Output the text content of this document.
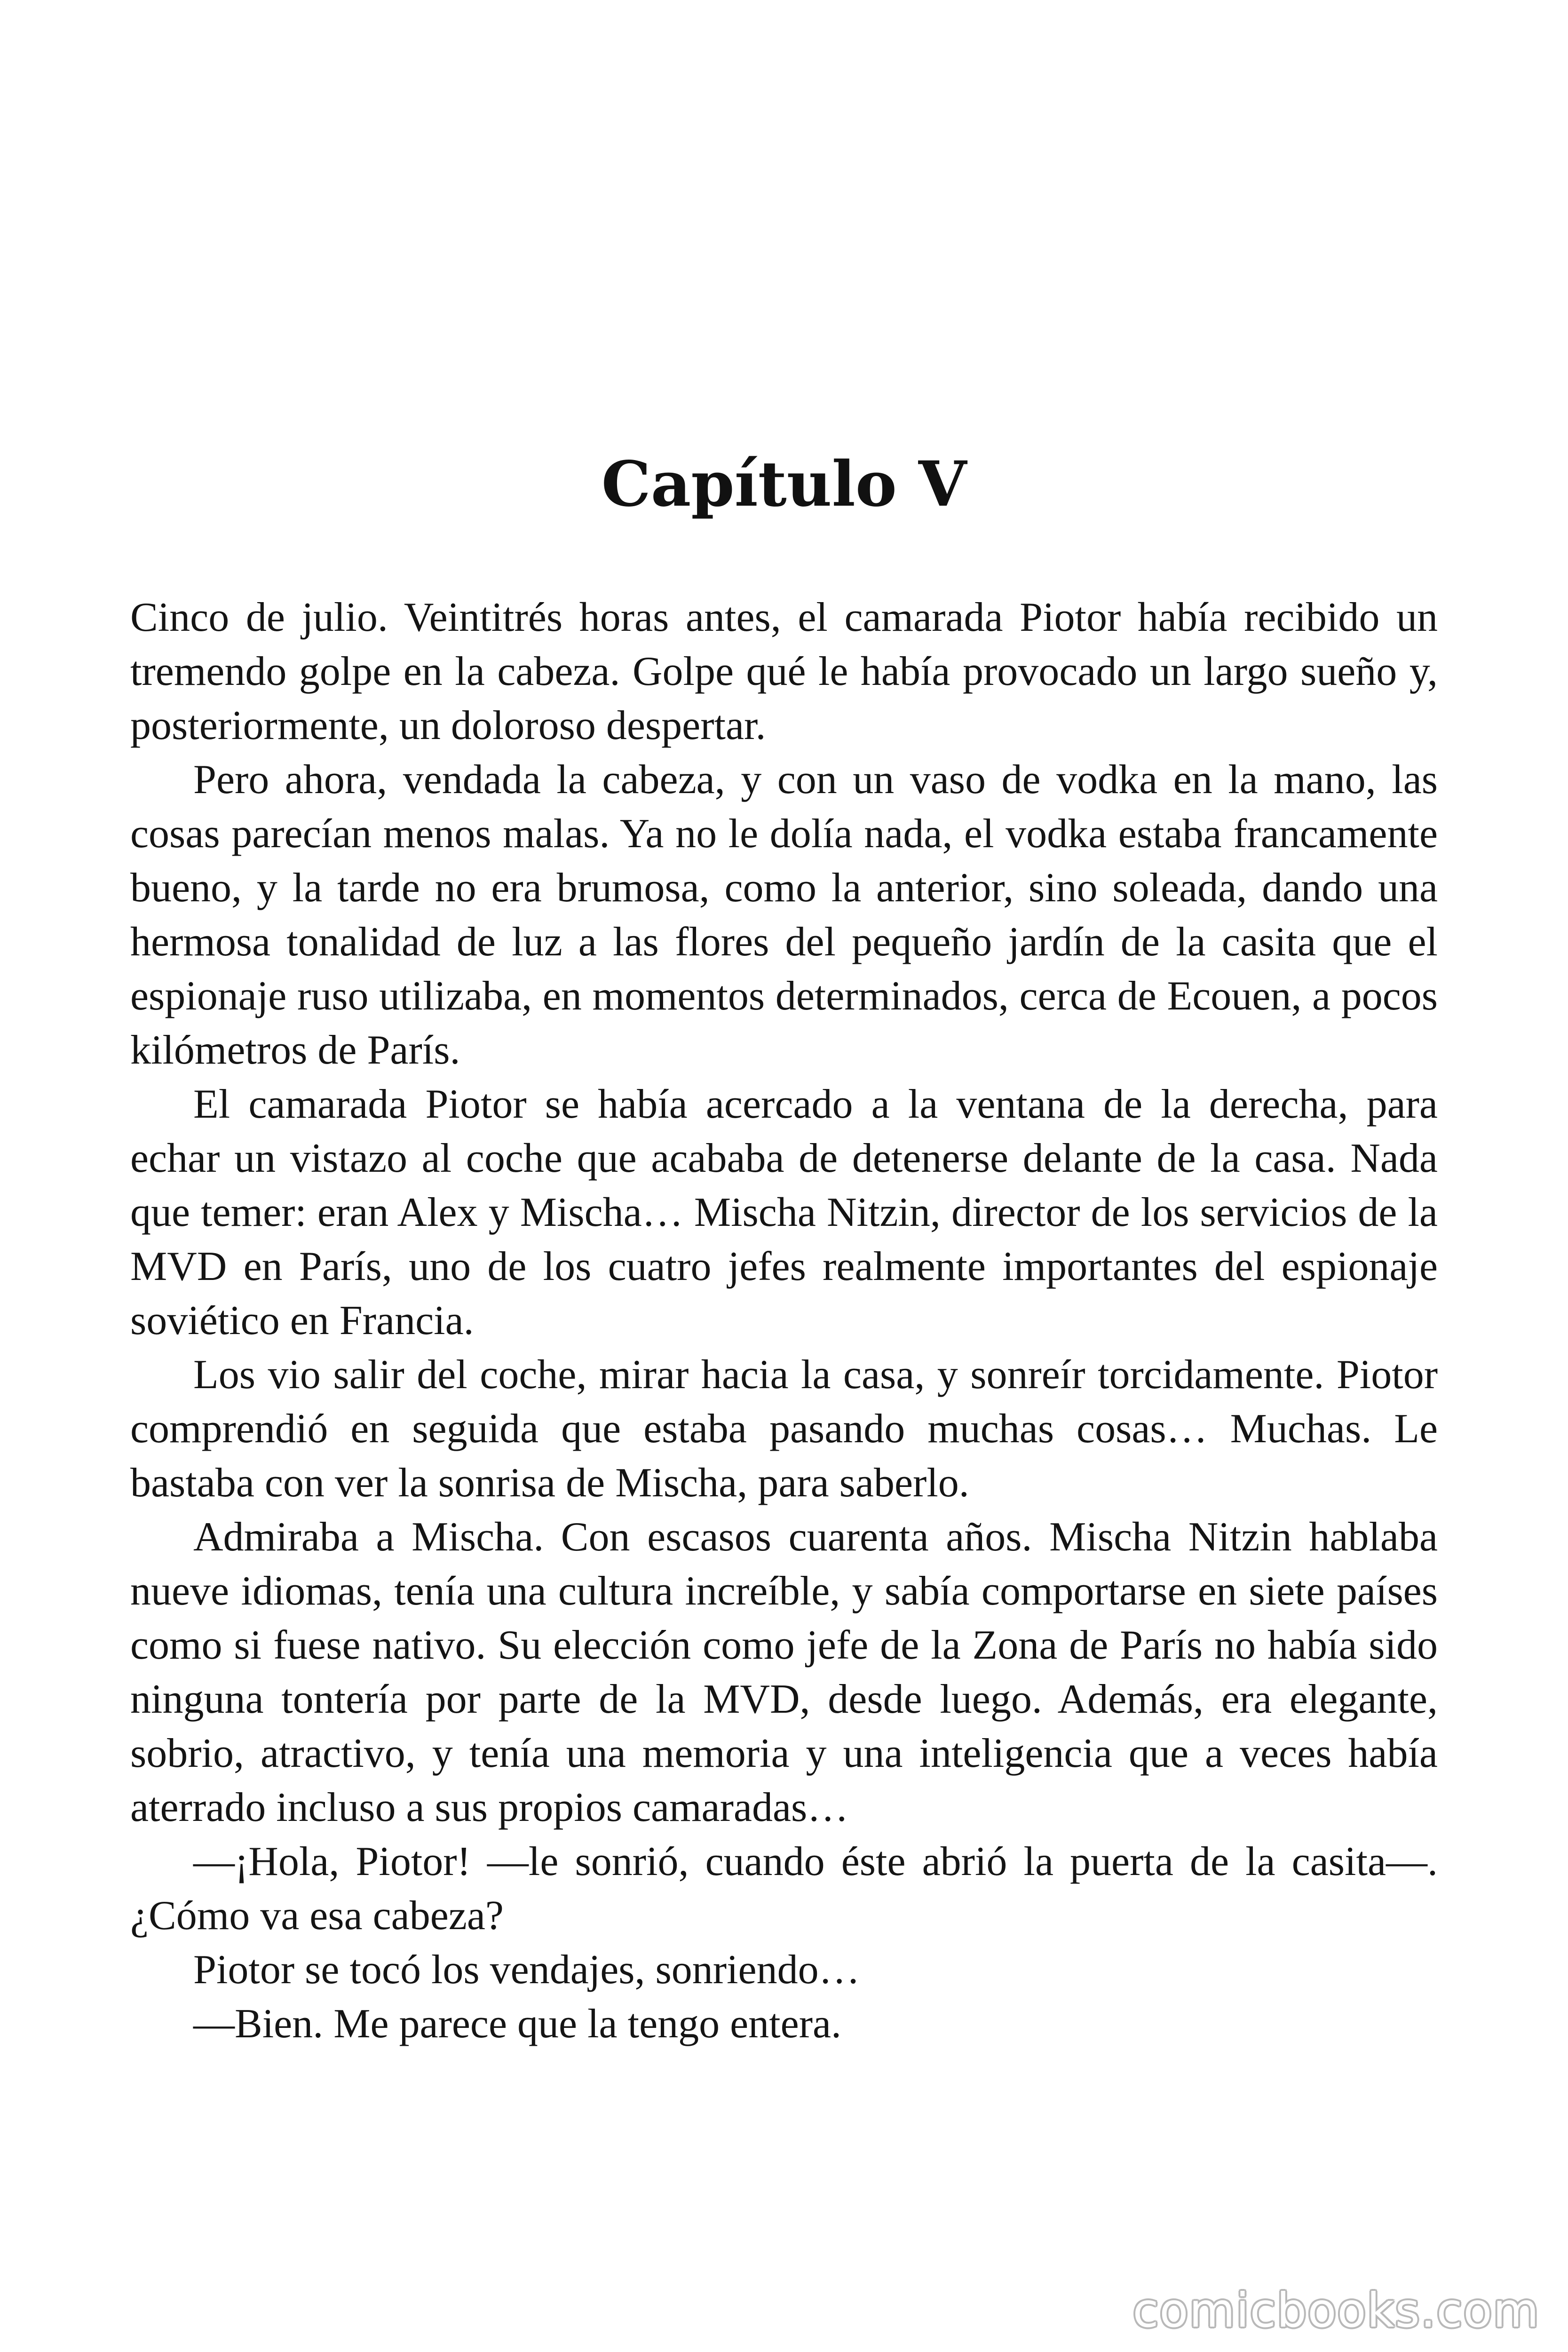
Capítulo V

Cinco de julio. Veintitrés horas antes, el camarada Piotor había recibido un tremendo golpe en la cabeza. Golpe qué le había provocado un largo sueño y, posteriormente, un doloroso despertar.

Pero ahora, vendada la cabeza, y con un vaso de vodka en la mano, las cosas parecían menos malas. Ya no le dolía nada, el vodka estaba francamente bueno, y la tarde no era brumosa, como la anterior, sino soleada, dando una hermosa tonalidad de luz a las flores del pequeño jardín de la casita que el espionaje ruso utilizaba, en momentos determinados, cerca de Ecouen, a pocos kilómetros de París.

El camarada Piotor se había acercado a la ventana de la derecha, para echar un vistazo al coche que acababa de detenerse delante de la casa. Nada que temer: eran Alex y Mischa… Mischa Nitzin, director de los servicios de la MVD en París, uno de los cuatro jefes realmente importantes del espionaje soviético en Francia.

Los vio salir del coche, mirar hacia la casa, y sonreír torcidamente. Piotor comprendió en seguida que estaba pasando muchas cosas… Muchas. Le bastaba con ver la sonrisa de Mischa, para saberlo.

Admiraba a Mischa. Con escasos cuarenta años. Mischa Nitzin hablaba nueve idiomas, tenía una cultura increíble, y sabía comportarse en siete países como si fuese nativo. Su elección como jefe de la Zona de París no había sido ninguna tontería por parte de la MVD, desde luego. Además, era elegante, sobrio, atractivo, y tenía una memoria y una inteligencia que a veces había aterrado incluso a sus propios camaradas…

—¡Hola, Piotor! —le sonrió, cuando éste abrió la puerta de la casita—. ¿Cómo va esa cabeza?

Piotor se tocó los vendajes, sonriendo…

—Bien. Me parece que la tengo entera.

comicbooks.com
